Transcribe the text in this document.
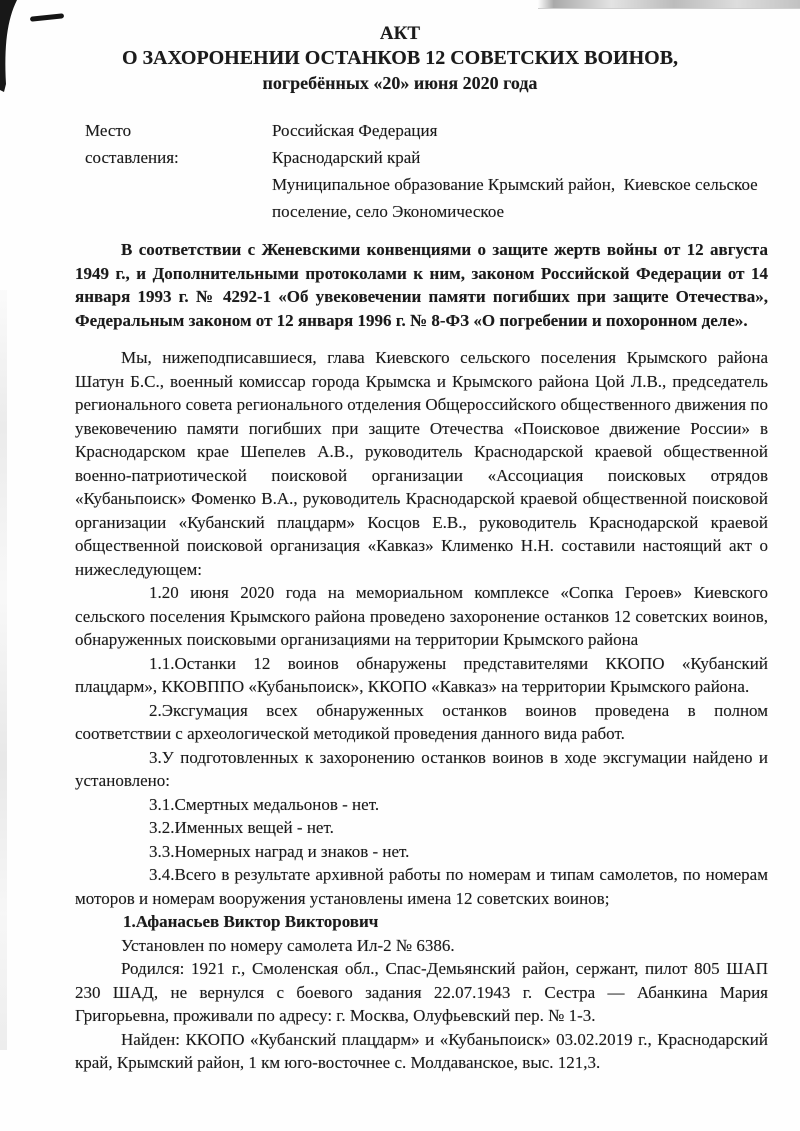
АКТ
О ЗАХОРОНЕНИИ ОСТАНКОВ 12 СОВЕТСКИХ ВОИНОВ,
погребённых «20» июня 2020 года
Место
составления:
Российская Федерация
Краснодарский край
Муниципальное образование Крымский район,  Киевское сельское поселение, село Экономическое

В соответствии с Женевскими конвенциями о защите жертв войны от 12 августа 1949 г., и Дополнительными протоколами к ним, законом Российской Федерации от 14 января 1993 г. № 4292-1 «Об увековечении памяти погибших при защите Отечества», Федеральным законом от 12 января 1996 г. № 8-ФЗ «О погребении и похоронном деле».

Мы, нижеподписавшиеся, глава Киевского сельского поселения Крымского района Шатун Б.С., военный комиссар города Крымска и Крымского района Цой Л.В., председатель регионального совета регионального отделения Общероссийского общественного движения по увековечению памяти погибших при защите Отечества «Поисковое движение России» в Краснодарском крае Шепелев А.В., руководитель Краснодарской краевой общественной военно-патриотической поисковой организации «Ассоциация поисковых отрядов «Кубаньпоиск» Фоменко В.А., руководитель Краснодарской краевой общественной поисковой организации «Кубанский плацдарм» Косцов Е.В., руководитель Краснодарской краевой общественной поисковой организация «Кавказ» Клименко Н.Н. составили настоящий акт о нижеследующем:

1.20 июня 2020 года на мемориальном комплексе «Сопка Героев» Киевского сельского поселения Крымского района проведено захоронение останков 12 советских воинов, обнаруженных поисковыми организациями на территории Крымского района

1.1.Останки 12 воинов обнаружены представителями ККОПО «Кубанский плацдарм», ККОВППО «Кубаньпоиск», ККОПО «Кавказ» на территории Крымского района.

2.Эксгумация всех обнаруженных останков воинов проведена в полном соответствии с археологической методикой проведения данного вида работ.

3.У подготовленных к захоронению останков воинов в ходе эксгумации найдено и установлено:

3.1.Смертных медальонов - нет.

3.2.Именных вещей - нет.

3.3.Номерных наград и знаков - нет.

3.4.Всего в результате архивной работы по номерам и типам самолетов, по номерам моторов и номерам вооружения установлены имена 12 советских воинов;

1.Афанасьев Виктор Викторович

Установлен по номеру самолета Ил-2 № 6386.

Родился: 1921 г., Смоленская обл., Спас-Демьянский район, сержант, пилот 805 ШАП 230 ШАД, не вернулся с боевого задания 22.07.1943 г. Сестра — Абанкина Мария Григорьевна, проживали по адресу: г. Москва, Олуфьевский пер. № 1-3.

Найден: ККОПО «Кубанский плацдарм» и «Кубаньпоиск» 03.02.2019 г., Краснодарский край, Крымский район, 1 км юго-восточнее с. Молдаванское, выс. 121,3.
